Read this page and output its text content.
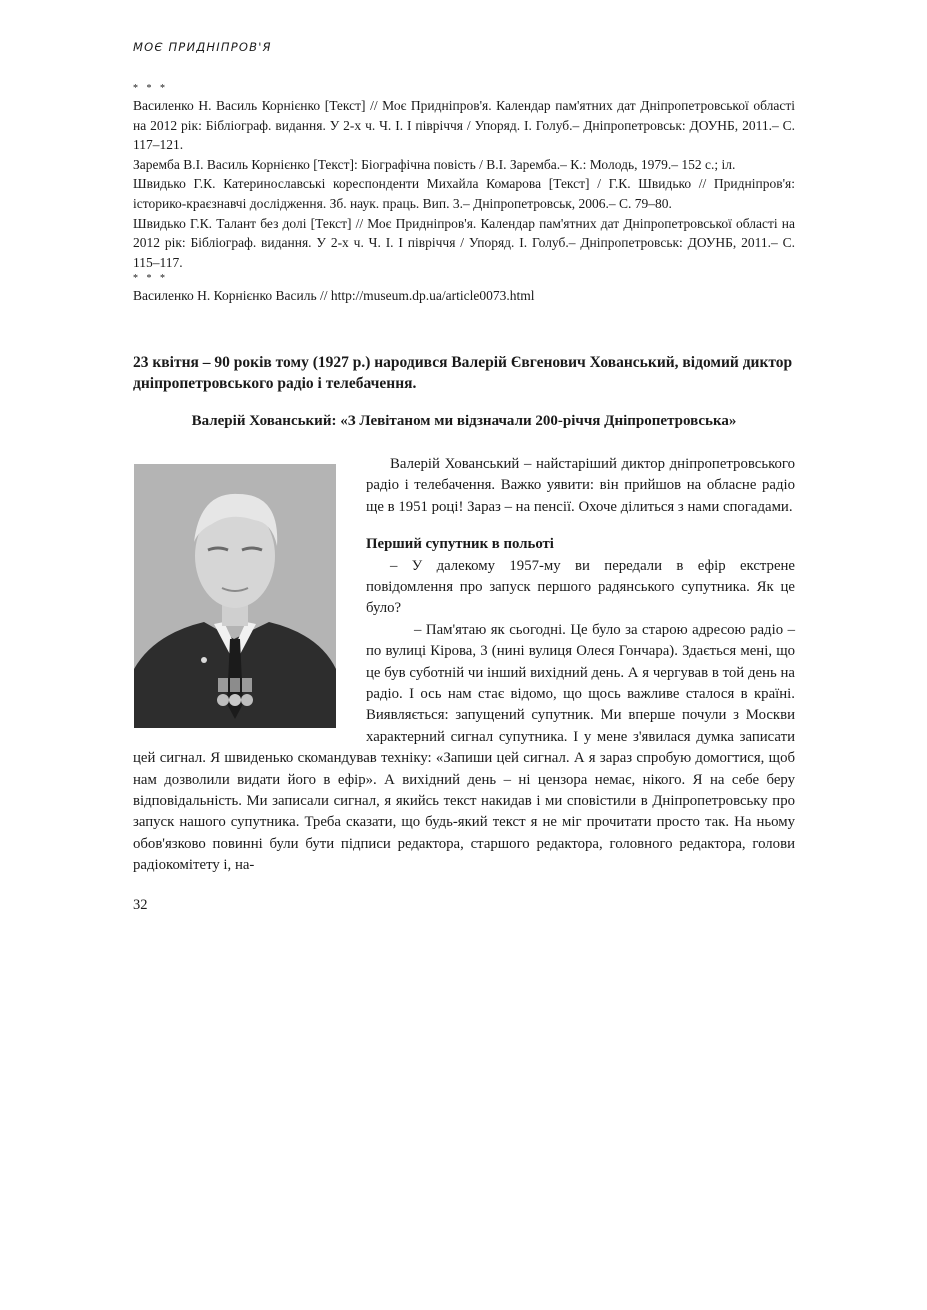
МОЄ ПРИДНІПРОВ'Я

* * *

Василенко Н. Василь Корнієнко [Текст] // Моє Придніпров'я. Календар пам'ятних дат Дніпропетровської області на 2012 рік: Бібліограф. видання. У 2-х ч. Ч. І. І півріччя / Упоряд. І. Голуб.– Дніпропетровськ: ДОУНБ, 2011.– С. 117–121.

Заремба В.І. Василь Корнієнко [Текст]: Біографічна повість / В.І. Заремба.– К.: Молодь, 1979.– 152 с.; іл.

Швидько Г.К. Катеринославські кореспонденти Михайла Комарова [Текст] / Г.К. Швидько // Придніпров'я: історико-краєзнавчі дослідження. Зб. наук. праць. Вип. 3.– Дніпропетровськ, 2006.– С. 79–80.

Швидько Г.К. Талант без долі [Текст] // Моє Придніпров'я. Календар пам'ятних дат Дніпропетровської області на 2012 рік: Бібліограф. видання. У 2-х ч. Ч. І. І півріччя / Упоряд. І. Голуб.– Дніпропетровськ: ДОУНБ, 2011.– С. 115–117.

* * *

Василенко Н. Корнієнко Василь // http://museum.dp.ua/article0073.html

23 квітня – 90 років тому (1927 р.) народився Валерій Євгенович Хованський, відомий диктор дніпропетровського радіо і телебачення.

Валерій Хованський: «З Левітаном ми відзначали 200-річчя Дніпропетровська»

Валерій Хованський – найстаріший диктор дніпропетровського радіо і телебачення. Важко уявити: він прийшов на обласне радіо ще в 1951 році! Зараз – на пенсії. Охоче ділиться з нами спогадами.

Перший супутник в польоті

– У далекому 1957-му ви передали в ефір екстрене повідомлення про запуск першого радянського супутника. Як це було?

– Пам'ятаю як сьогодні. Це було за старою адресою радіо – по вулиці Кірова, 3 (нині вулиця Олеся Гончара). Здається мені, що це був суботній чи інший вихідний день. А я чергував в той день на радіо. І ось нам стає відомо, що щось важливе сталося в країні. Виявляється: запущений супутник. Ми вперше почули з Москви характерний сигнал супутника. І у мене з'явилася думка записати цей сигнал. Я швиденько скомандував техніку: «Запиши цей сигнал. А я зараз спробую домогтися, щоб нам дозволили видати його в ефір». А вихідний день – ні цензора немає, нікого. Я на себе беру відповідальність. Ми записали сигнал, я якийсь текст накидав і ми сповістили в Дніпропетровську про запуск нашого супутника. Треба сказати, що будь-який текст я не міг прочитати просто так. На ньому обов'язково повинні були бути підписи редактора, старшого редактора, головного редактора, голови радіокомітету і, на-

32
